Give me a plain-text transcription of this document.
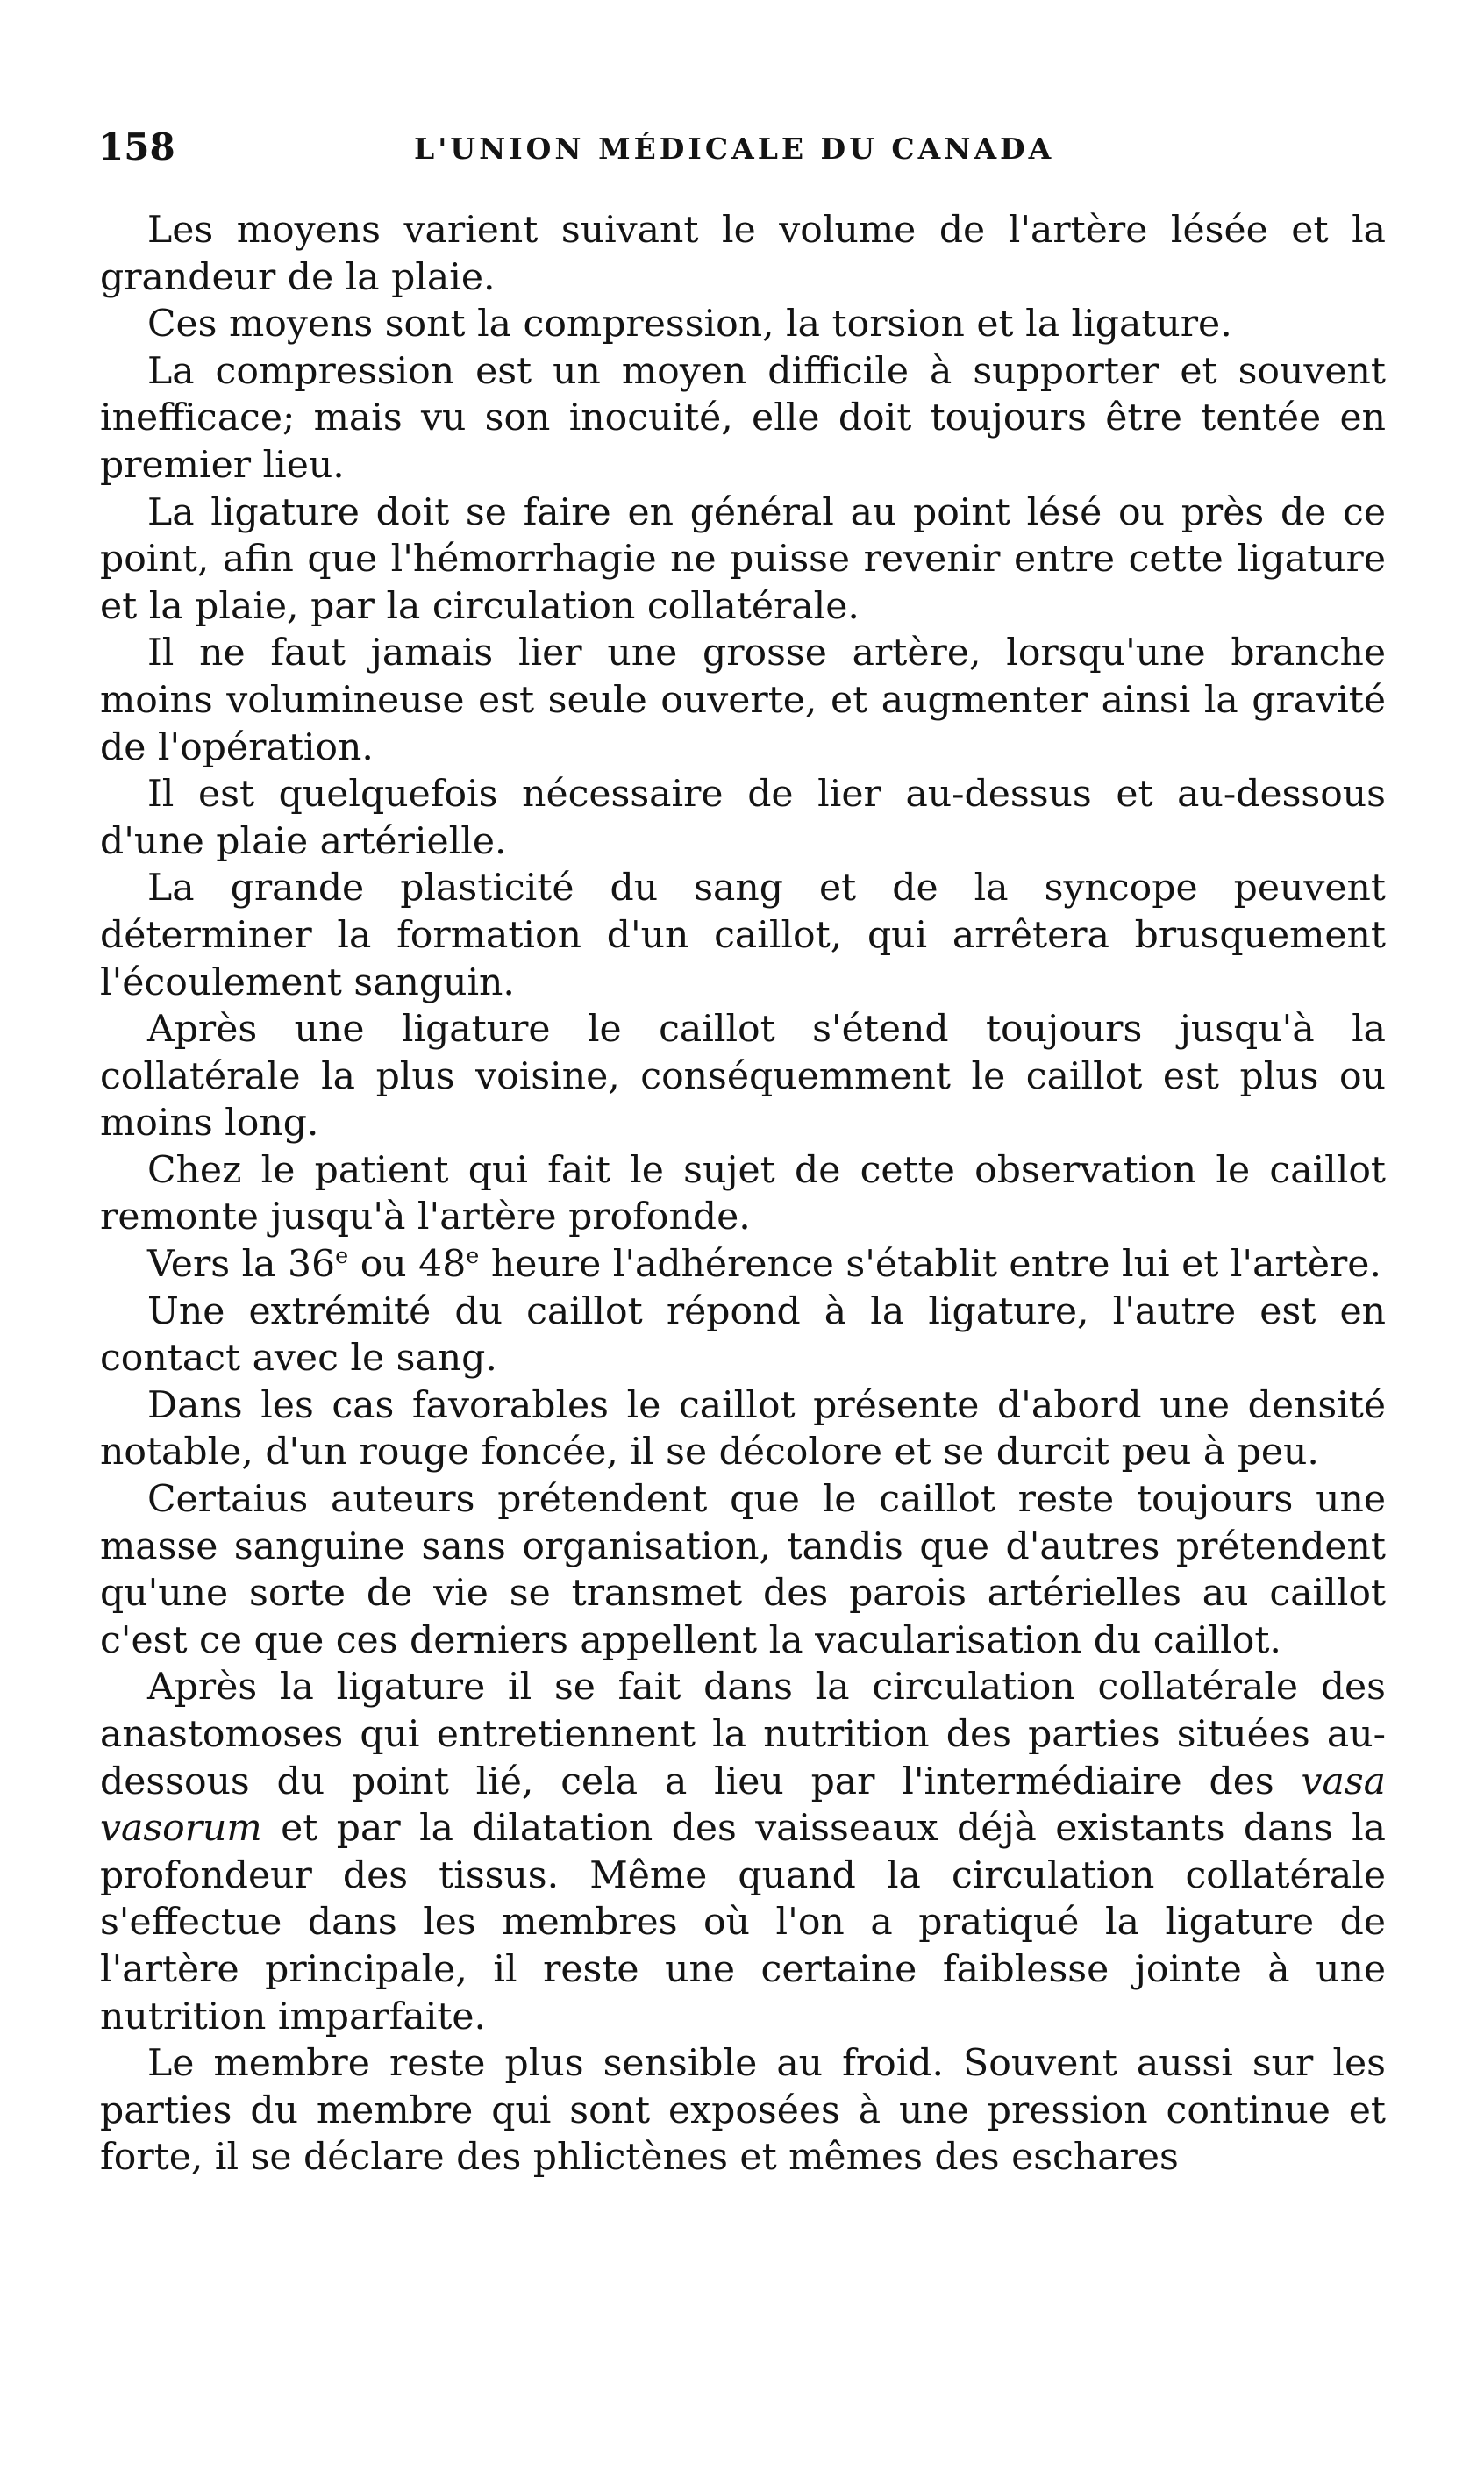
158	L'UNION MÉDICALE DU CANADA

Les moyens varient suivant le volume de l'artère lésée et la grandeur de la plaie.

Ces moyens sont la compression, la torsion et la ligature.

La compression est un moyen difficile à supporter et souvent inefficace; mais vu son inocuité, elle doit toujours être tentée en premier lieu.

La ligature doit se faire en général au point lésé ou près de ce point, afin que l'hémorrhagie ne puisse revenir entre cette ligature et la plaie, par la circulation collatérale.

Il ne faut jamais lier une grosse artère, lorsqu'une branche moins volumineuse est seule ouverte, et augmenter ainsi la gravité de l'opération.

Il est quelquefois nécessaire de lier au-dessus et au-dessous d'une plaie artérielle.

La grande plasticité du sang et de la syncope peuvent déterminer la formation d'un caillot, qui arrêtera brusquement l'écoulement sanguin.

Après une ligature le caillot s'étend toujours jusqu'à la collatérale la plus voisine, conséquemment le caillot est plus ou moins long.

Chez le patient qui fait le sujet de cette observation le caillot remonte jusqu'à l'artère profonde.

Vers la 36e ou 48e heure l'adhérence s'établit entre lui et l'artère.

Une extrémité du caillot répond à la ligature, l'autre est en contact avec le sang.

Dans les cas favorables le caillot présente d'abord une densité notable, d'un rouge foncée, il se décolore et se durcit peu à peu.

Certaius auteurs prétendent que le caillot reste toujours une masse sanguine sans organisation, tandis que d'autres prétendent qu'une sorte de vie se transmet des parois artérielles au caillot c'est ce que ces derniers appellent la vacularisation du caillot.

Après la ligature il se fait dans la circulation collatérale des anastomoses qui entretiennent la nutrition des parties situées au-dessous du point lié, cela a lieu par l'intermédiaire des vasa vasorum et par la dilatation des vaisseaux déjà existants dans la profondeur des tissus. Même quand la circulation collatérale s'effectue dans les membres où l'on a pratiqué la ligature de l'artère principale, il reste une certaine faiblesse jointe à une nutrition imparfaite.

Le membre reste plus sensible au froid. Souvent aussi sur les parties du membre qui sont exposées à une pression continue et forte, il se déclare des phlictènes et mêmes des eschares
